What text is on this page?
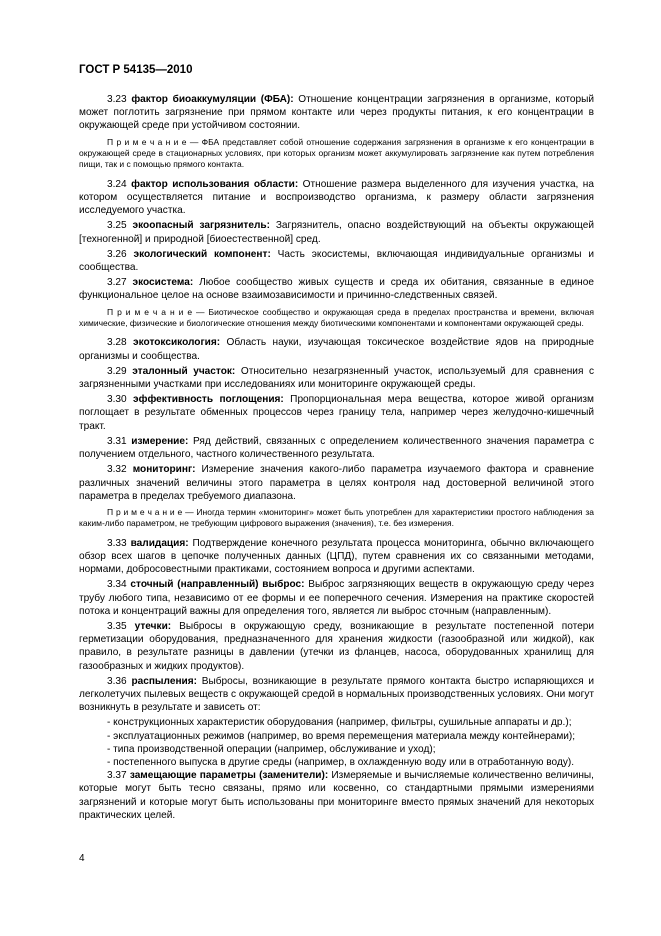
ГОСТ Р 54135—2010

3.23 фактор биоаккумуляции (ФБА): Отношение концентрации загрязнения в организме, который может поглотить загрязнение при прямом контакте или через продукты питания, к его концентрации в окружающей среде при устойчивом состоянии.

П р и м е ч а н и е — ФБА представляет собой отношение содержания загрязнения в организме к его концентрации в окружающей среде в стационарных условиях, при которых организм может аккумулировать загрязнение как путем потребления пищи, так и с помощью прямого контакта.

3.24 фактор использования области: Отношение размера выделенного для изучения участка, на котором осуществляется питание и воспроизводство организма, к размеру области загрязнения исследуемого участка.

3.25 экоопасный загрязнитель: Загрязнитель, опасно воздействующий на объекты окружающей [техногенной] и природной [биоестественной] сред.

3.26 экологический компонент: Часть экосистемы, включающая индивидуальные организмы и сообщества.

3.27 экосистема: Любое сообщество живых существ и среда их обитания, связанные в единое функциональное целое на основе взаимозависимости и причинно-следственных связей.

П р и м е ч а н и е — Биотическое сообщество и окружающая среда в пределах пространства и времени, включая химические, физические и биологические отношения между биотическими компонентами и компонентами окружающей среды.

3.28 экотоксикология: Область науки, изучающая токсическое воздействие ядов на природные организмы и сообщества.

3.29 эталонный участок: Относительно незагрязненный участок, используемый для сравнения с загрязненными участками при исследованиях или мониторинге окружающей среды.

3.30 эффективность поглощения: Пропорциональная мера вещества, которое живой организм поглощает в результате обменных процессов через границу тела, например через желудочно-кишечный тракт.

3.31 измерение: Ряд действий, связанных с определением количественного значения параметра с получением отдельного, частного количественного результата.

3.32 мониторинг: Измерение значения какого-либо параметра изучаемого фактора и сравнение различных значений величины этого параметра в целях контроля над достоверной величиной этого параметра в пределах требуемого диапазона.

П р и м е ч а н и е — Иногда термин «мониторинг» может быть употреблен для характеристики простого наблюдения за каким-либо параметром, не требующим цифрового выражения (значения), т.е. без измерения.

3.33 валидация: Подтверждение конечного результата процесса мониторинга, обычно включающего обзор всех шагов в цепочке полученных данных (ЦПД), путем сравнения их со связанными методами, нормами, добросовестными практиками, состоянием вопроса и другими аспектами.

3.34 сточный (направленный) выброс: Выброс загрязняющих веществ в окружающую среду через трубу любого типа, независимо от ее формы и ее поперечного сечения. Измерения на практике скоростей потока и концентраций важны для определения того, является ли выброс сточным (направленным).

3.35 утечки: Выбросы в окружающую среду, возникающие в результате постепенной потери герметизации оборудования, предназначенного для хранения жидкости (газообразной или жидкой), как правило, в результате разницы в давлении (утечки из фланцев, насоса, оборудованных хранилищ для газообразных и жидких продуктов).

3.36 распыления: Выбросы, возникающие в результате прямого контакта быстро испаряющихся и легколетучих пылевых веществ с окружающей средой в нормальных производственных условиях. Они могут возникнуть в результате и зависеть от:

- конструкционных характеристик оборудования (например, фильтры, сушильные аппараты и др.);

- эксплуатационных режимов (например, во время перемещения материала между контейнерами);

- типа производственной операции (например, обслуживание и уход);

- постепенного выпуска в другие среды (например, в охлажденную воду или в отработанную воду).

3.37 замещающие параметры (заменители): Измеряемые и вычисляемые количественно величины, которые могут быть тесно связаны, прямо или косвенно, со стандартными прямыми измерениями загрязнений и которые могут быть использованы при мониторинге вместо прямых значений для некоторых практических целей.

4
